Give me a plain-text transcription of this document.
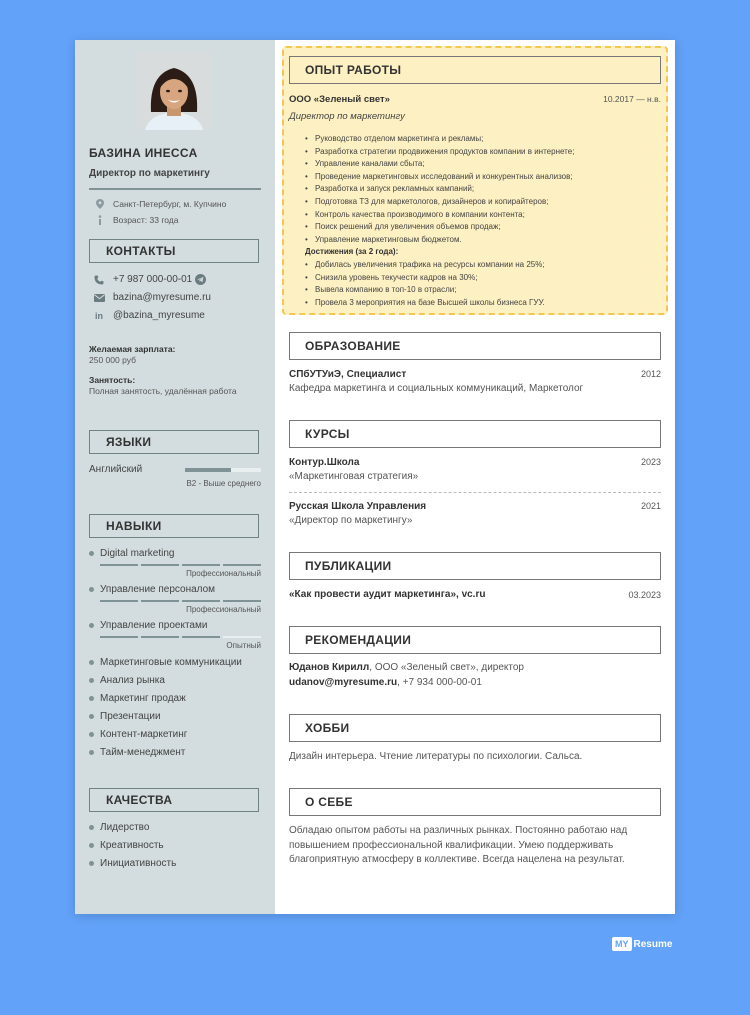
БАЗИНА ИНЕССА
Директор по маркетингу
Санкт-Петербург, м. Купчино
Возраст: 33 года
КОНТАКТЫ
+7 987 000-00-01
bazina@myresume.ru
in @bazina_myresume
Желаемая зарплата:
250 000 руб
Занятость:
Полная занятость, удалённая работа
ЯЗЫКИ
Английский
B2 - Выше среднего
НАВЫКИ
Digital marketing
Профессиональный
Управление персоналом
Профессиональный
Управление проектами
Опытный
Маркетинговые коммуникации
Анализ рынка
Маркетинг продаж
Презентации
Контент-маркетинг
Тайм-менеджмент
КАЧЕСТВА
Лидерство
Креативность
Инициативность
ОПЫТ РАБОТЫ
ООО «Зеленый свет»	10.2017 — н.в.
Директор по маркетингу
• Руководство отделом маркетинга и рекламы;
• Разработка стратегии продвижения продуктов компании в интернете;
• Управление каналами сбыта;
• Проведение маркетинговых исследований и конкурентных анализов;
• Разработка и запуск рекламных кампаний;
• Подготовка ТЗ для маркетологов, дизайнеров и копирайтеров;
• Контроль качества производимого в компании контента;
• Поиск решений для увеличения объемов продаж;
• Управление маркетинговым бюджетом.
Достижения (за 2 года):
• Добилась увеличения трафика на ресурсы компании на 25%;
• Снизила уровень текучести кадров на 30%;
• Вывела компанию в топ-10 в отрасли;
• Провела 3 мероприятия на базе Высшей школы бизнеса ГУУ.
ОБРАЗОВАНИЕ
СПбУТУиЭ, Специалист	2012
Кафедра маркетинга и социальных коммуникаций, Маркетолог
КУРСЫ
Контур.Школа	2023
«Маркетинговая стратегия»
Русская Школа Управления	2021
«Директор по маркетингу»
ПУБЛИКАЦИИ
«Как провести аудит маркетинга», vc.ru	03.2023
РЕКОМЕНДАЦИИ
Юданов Кирилл, ООО «Зеленый свет», директор
udanov@myresume.ru, +7 934 000-00-01
ХОББИ
Дизайн интерьера. Чтение литературы по психологии. Сальса.
О СЕБЕ
Обладаю опытом работы на различных рынках. Постоянно работаю над повышением профессиональной квалификации. Умею поддерживать благоприятную атмосферу в коллективе. Всегда нацелена на результат.
MY Resume
